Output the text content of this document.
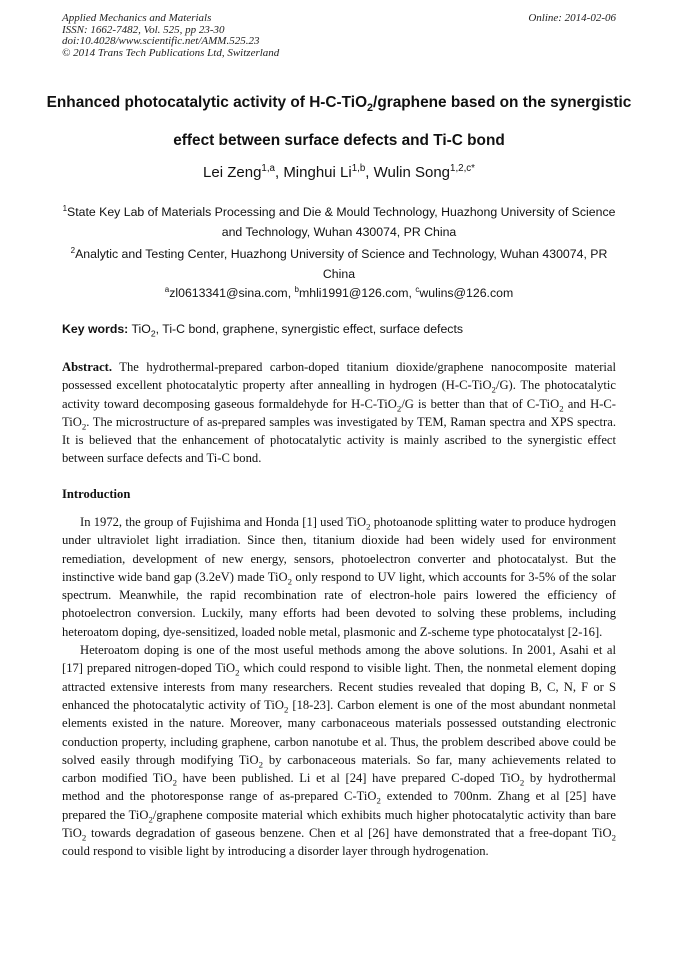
Applied Mechanics and Materials
ISSN: 1662-7482, Vol. 525, pp 23-30
doi:10.4028/www.scientific.net/AMM.525.23
© 2014 Trans Tech Publications Ltd, Switzerland
Online: 2014-02-06
Enhanced photocatalytic activity of H-C-TiO$_2$/graphene based on the synergistic effect between surface defects and Ti-C bond
Lei Zeng$^{1,a}$, Minghui Li$^{1,b}$, Wulin Song$^{1,2,c*}$
$^1$State Key Lab of Materials Processing and Die & Mould Technology, Huazhong University of Science and Technology, Wuhan 430074, PR China
$^2$Analytic and Testing Center, Huazhong University of Science and Technology, Wuhan 430074, PR China
$^a$zl0613341@sina.com, $^b$mhli1991@126.com, $^c$wulins@126.com
Key words: TiO$_2$, Ti-C bond, graphene, synergistic effect, surface defects
Abstract. The hydrothermal-prepared carbon-doped titanium dioxide/graphene nanocomposite material possessed excellent photocatalytic property after annealling in hydrogen (H-C-TiO$_2$/G). The photocatalytic activity toward decomposing gaseous formaldehyde for H-C-TiO$_2$/G is better than that of C-TiO$_2$ and H-C-TiO$_2$. The microstructure of as-prepared samples was investigated by TEM, Raman spectra and XPS spectra. It is believed that the enhancement of photocatalytic activity is mainly ascribed to the synergistic effect between surface defects and Ti-C bond.
Introduction

In 1972, the group of Fujishima and Honda [1] used TiO$_2$ photoanode splitting water to produce hydrogen under ultraviolet light irradiation. Since then, titanium dioxide had been widely used for environment remediation, development of new energy, sensors, photoelectron converter and photocatalyst. But the instinctive wide band gap (3.2eV) made TiO$_2$ only respond to UV light, which accounts for 3-5% of the solar spectrum. Meanwhile, the rapid recombination rate of electron-hole pairs lowered the efficiency of photoelectron conversion. Luckily, many efforts had been devoted to solving these problems, including heteroatom doping, dye-sensitized, loaded noble metal, plasmonic and Z-scheme type photocatalyst [2-16].

Heteroatom doping is one of the most useful methods among the above solutions. In 2001, Asahi et al [17] prepared nitrogen-doped TiO$_2$ which could respond to visible light. Then, the nonmetal element doping attracted extensive interests from many researchers. Recent studies revealed that doping B, C, N, F or S enhanced the photocatalytic activity of TiO$_2$ [18-23]. Carbon element is one of the most abundant nonmetal elements existed in the nature. Moreover, many carbonaceous materials possessed outstanding electronic conduction property, including graphene, carbon nanotube et al. Thus, the problem described above could be solved easily through modifying TiO$_2$ by carbonaceous materials. So far, many achievements related to carbon modified TiO$_2$ have been published. Li et al [24] have prepared C-doped TiO$_2$ by hydrothermal method and the photoresponse range of as-prepared C-TiO$_2$ extended to 700nm. Zhang et al [25] have prepared the TiO$_2$/graphene composite material which exhibits much higher photocatalytic activity than bare TiO$_2$ towards degradation of gaseous benzene. Chen et al [26] have demonstrated that a free-dopant TiO$_2$ could respond to visible light by introducing a disorder layer through hydrogenation.
